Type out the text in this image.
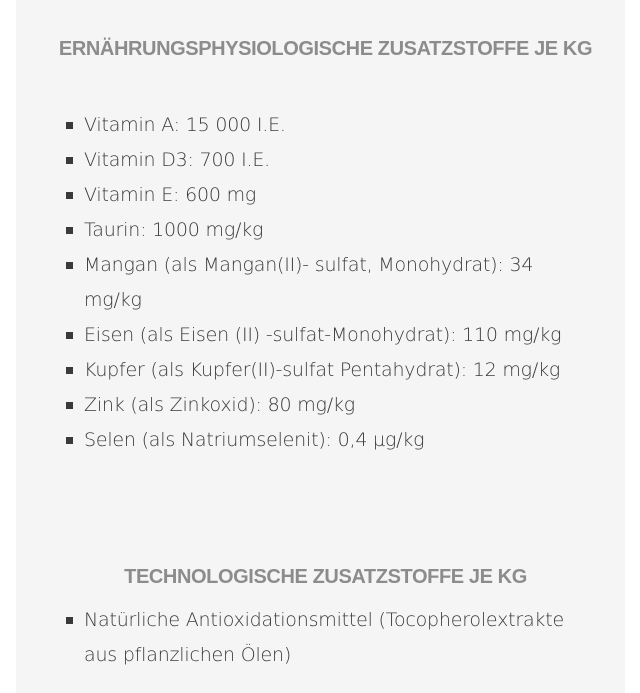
ERNÄHRUNGSPHYSIOLOGISCHE ZUSATZSTOFFE JE KG
Vitamin A: 15 000 I.E.
Vitamin D3: 700 I.E.
Vitamin E: 600 mg
Taurin: 1000 mg/kg
Mangan (als Mangan(II)- sulfat, Monohydrat): 34 mg/kg
Eisen (als Eisen (II) -sulfat-Monohydrat): 110 mg/kg
Kupfer (als Kupfer(II)-sulfat Pentahydrat): 12 mg/kg
Zink (als Zinkoxid): 80 mg/kg
Selen (als Natriumselenit): 0,4 µg/kg
TECHNOLOGISCHE ZUSATZSTOFFE JE KG
Natürliche Antioxidationsmittel (Tocopherolextrakte aus pflanzlichen Ölen)
